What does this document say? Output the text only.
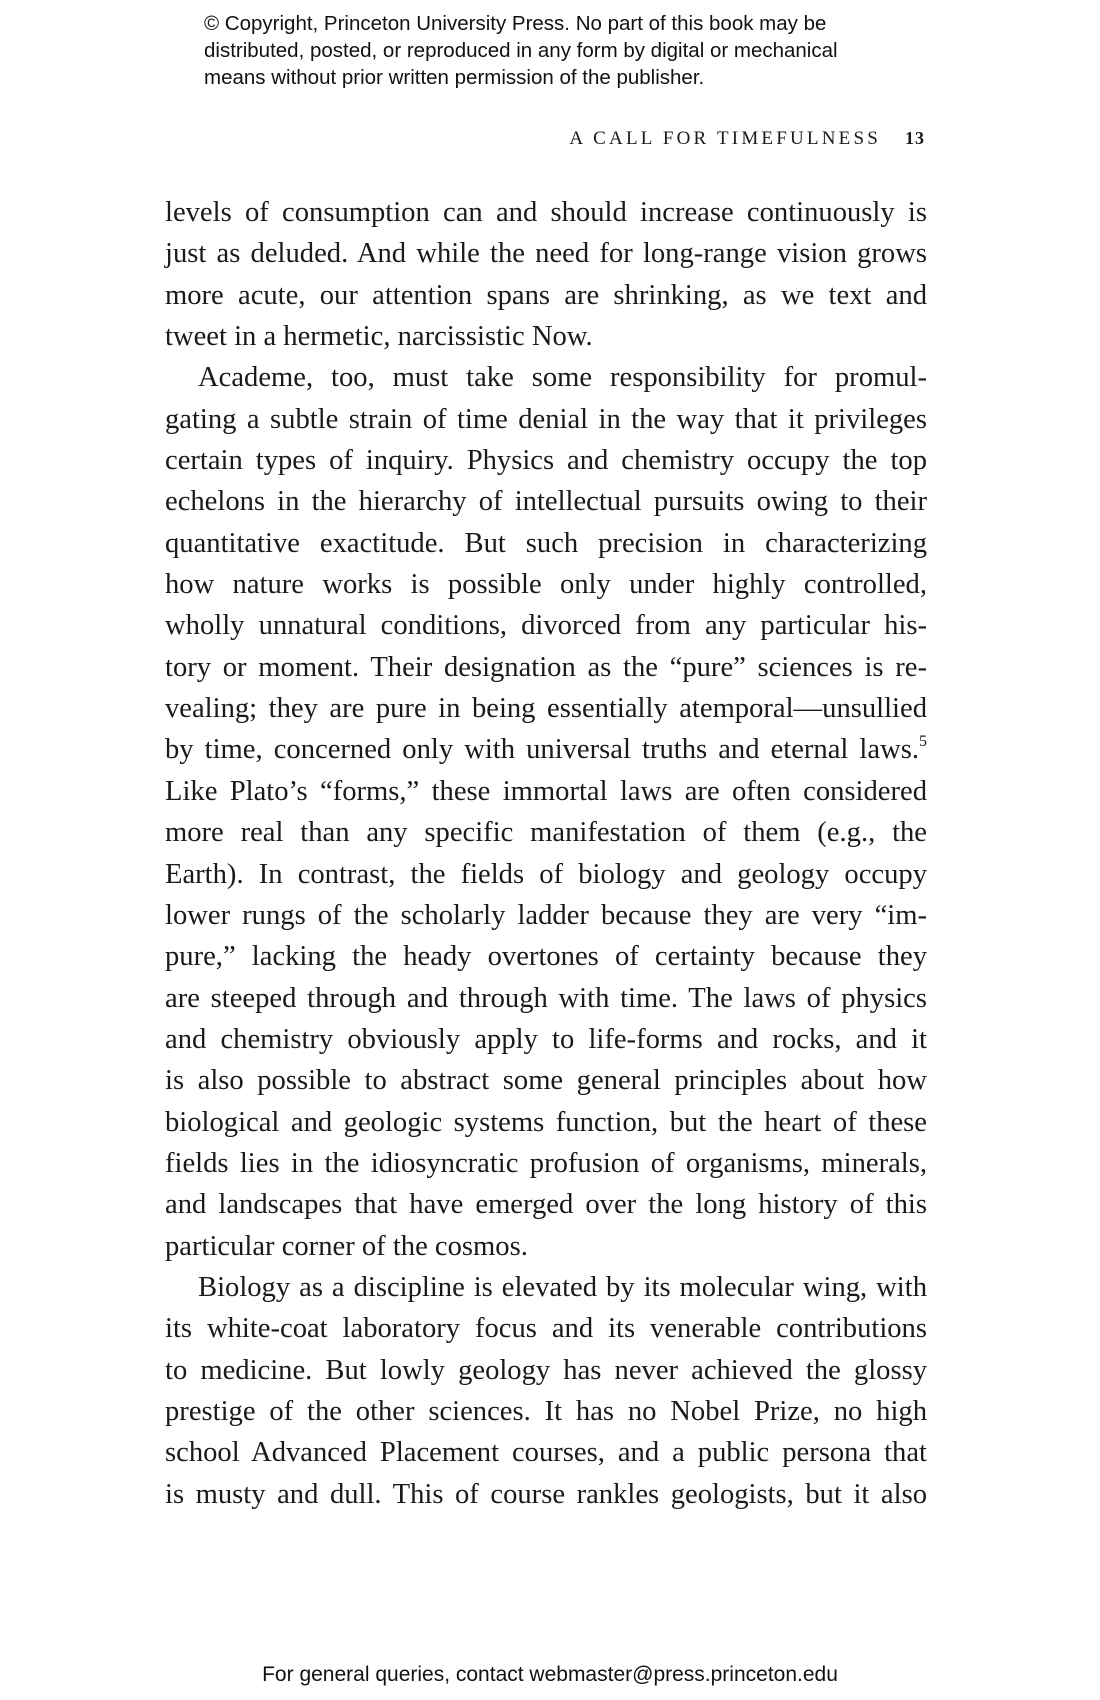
© Copyright, Princeton University Press. No part of this book may be
distributed, posted, or reproduced in any form by digital or mechanical
means without prior written permission of the publisher.
A CALL FOR TIMEFULNESS 13
levels of consumption can and should increase continuously is
just as deluded. And while the need for long-range vision grows
more acute, our attention spans are shrinking, as we text and
tweet in a hermetic, narcissistic Now.
Academe, too, must take some responsibility for promul-
gating a subtle strain of time denial in the way that it privileges
certain types of inquiry. Physics and chemistry occupy the top
echelons in the hierarchy of intellectual pursuits owing to their
quantitative exactitude. But such precision in characterizing
how nature works is possible only under highly controlled,
wholly unnatural conditions, divorced from any particular his-
tory or moment. Their designation as the “pure” sciences is re-
vealing; they are pure in being essentially atemporal—unsullied
by time, concerned only with universal truths and eternal laws.$^5$
Like Plato’s “forms,” these immortal laws are often considered
more real than any specific manifestation of them (e.g., the
Earth). In contrast, the fields of biology and geology occupy
lower rungs of the scholarly ladder because they are very “im-
pure,” lacking the heady overtones of certainty because they
are steeped through and through with time. The laws of physics
and chemistry obviously apply to life-forms and rocks, and it
is also possible to abstract some general principles about how
biological and geologic systems function, but the heart of these
fields lies in the idiosyncratic profusion of organisms, minerals,
and landscapes that have emerged over the long history of this
particular corner of the cosmos.
Biology as a discipline is elevated by its molecular wing, with
its white-coat laboratory focus and its venerable contributions
to medicine. But lowly geology has never achieved the glossy
prestige of the other sciences. It has no Nobel Prize, no high
school Advanced Placement courses, and a public persona that
is musty and dull. This of course rankles geologists, but it also
For general queries, contact webmaster@press.princeton.edu
